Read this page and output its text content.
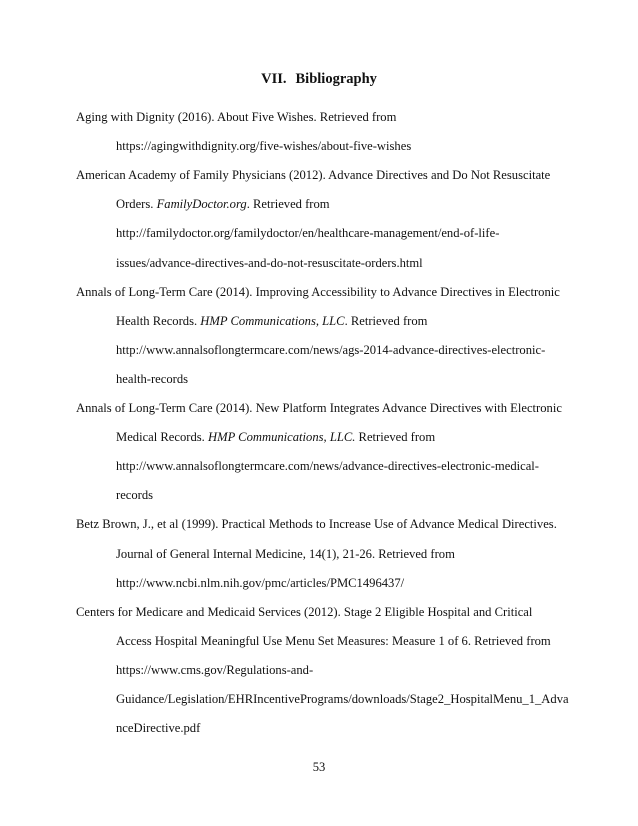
VII. Bibliography
Aging with Dignity (2016). About Five Wishes. Retrieved from
https://agingwithdignity.org/five-wishes/about-five-wishes
American Academy of Family Physicians (2012). Advance Directives and Do Not Resuscitate
Orders. FamilyDoctor.org. Retrieved from
http://familydoctor.org/familydoctor/en/healthcare-management/end-of-life-
issues/advance-directives-and-do-not-resuscitate-orders.html
Annals of Long-Term Care (2014). Improving Accessibility to Advance Directives in Electronic
Health Records. HMP Communications, LLC. Retrieved from
http://www.annalsoflongtermcare.com/news/ags-2014-advance-directives-electronic-
health-records
Annals of Long-Term Care (2014). New Platform Integrates Advance Directives with Electronic
Medical Records. HMP Communications, LLC. Retrieved from
http://www.annalsoflongtermcare.com/news/advance-directives-electronic-medical-
records
Betz Brown, J., et al (1999). Practical Methods to Increase Use of Advance Medical Directives.
Journal of General Internal Medicine, 14(1), 21-26. Retrieved from
http://www.ncbi.nlm.nih.gov/pmc/articles/PMC1496437/
Centers for Medicare and Medicaid Services (2012). Stage 2 Eligible Hospital and Critical
Access Hospital Meaningful Use Menu Set Measures: Measure 1 of 6. Retrieved from
https://www.cms.gov/Regulations-and-
Guidance/Legislation/EHRIncentivePrograms/downloads/Stage2_HospitalMenu_1_Adva
nceDirective.pdf
53
